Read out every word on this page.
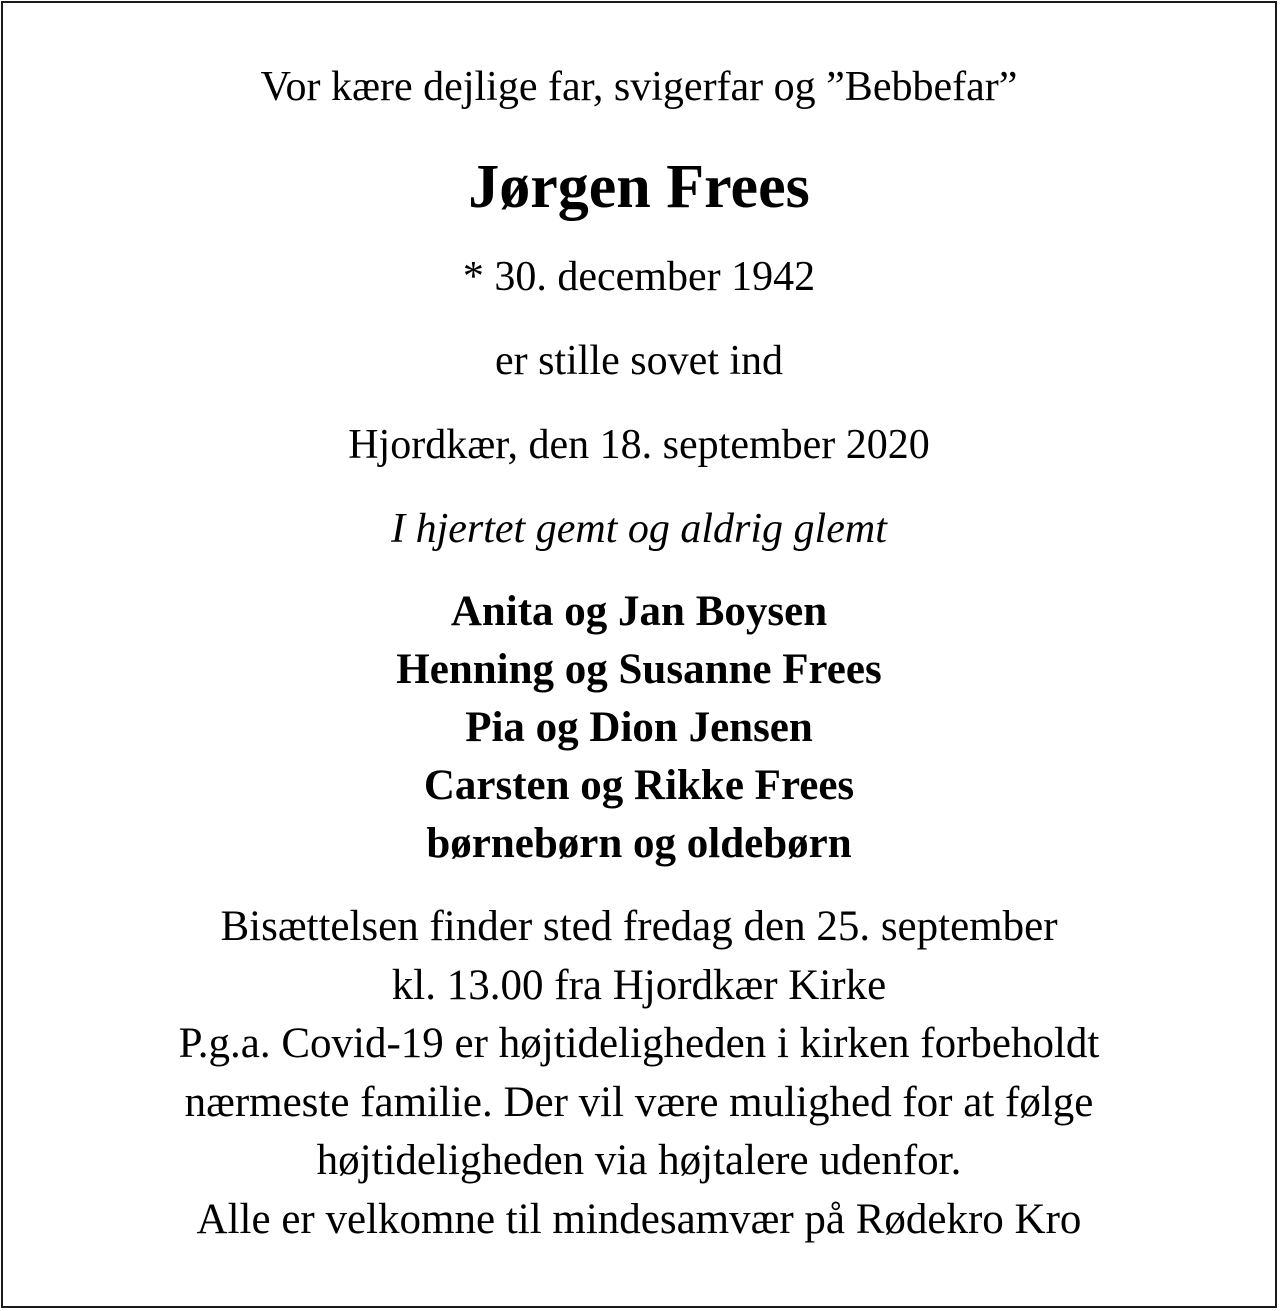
Vor kære dejlige far, svigerfar og ”Bebbefar”

Jørgen Frees

* 30. december 1942

er stille sovet ind

Hjordkær, den 18. september 2020

I hjertet gemt og aldrig glemt

Anita og Jan Boysen
Henning og Susanne Frees
Pia og Dion Jensen
Carsten og Rikke Frees
børnebørn og oldebørn

Bisættelsen finder sted fredag den 25. september

kl. 13.00 fra Hjordkær Kirke

P.g.a. Covid-19 er højtideligheden i kirken forbeholdt

nærmeste familie. Der vil være mulighed for at følge

højtideligheden via højtalere udenfor.

Alle er velkomne til mindesamvær på Rødekro Kro
